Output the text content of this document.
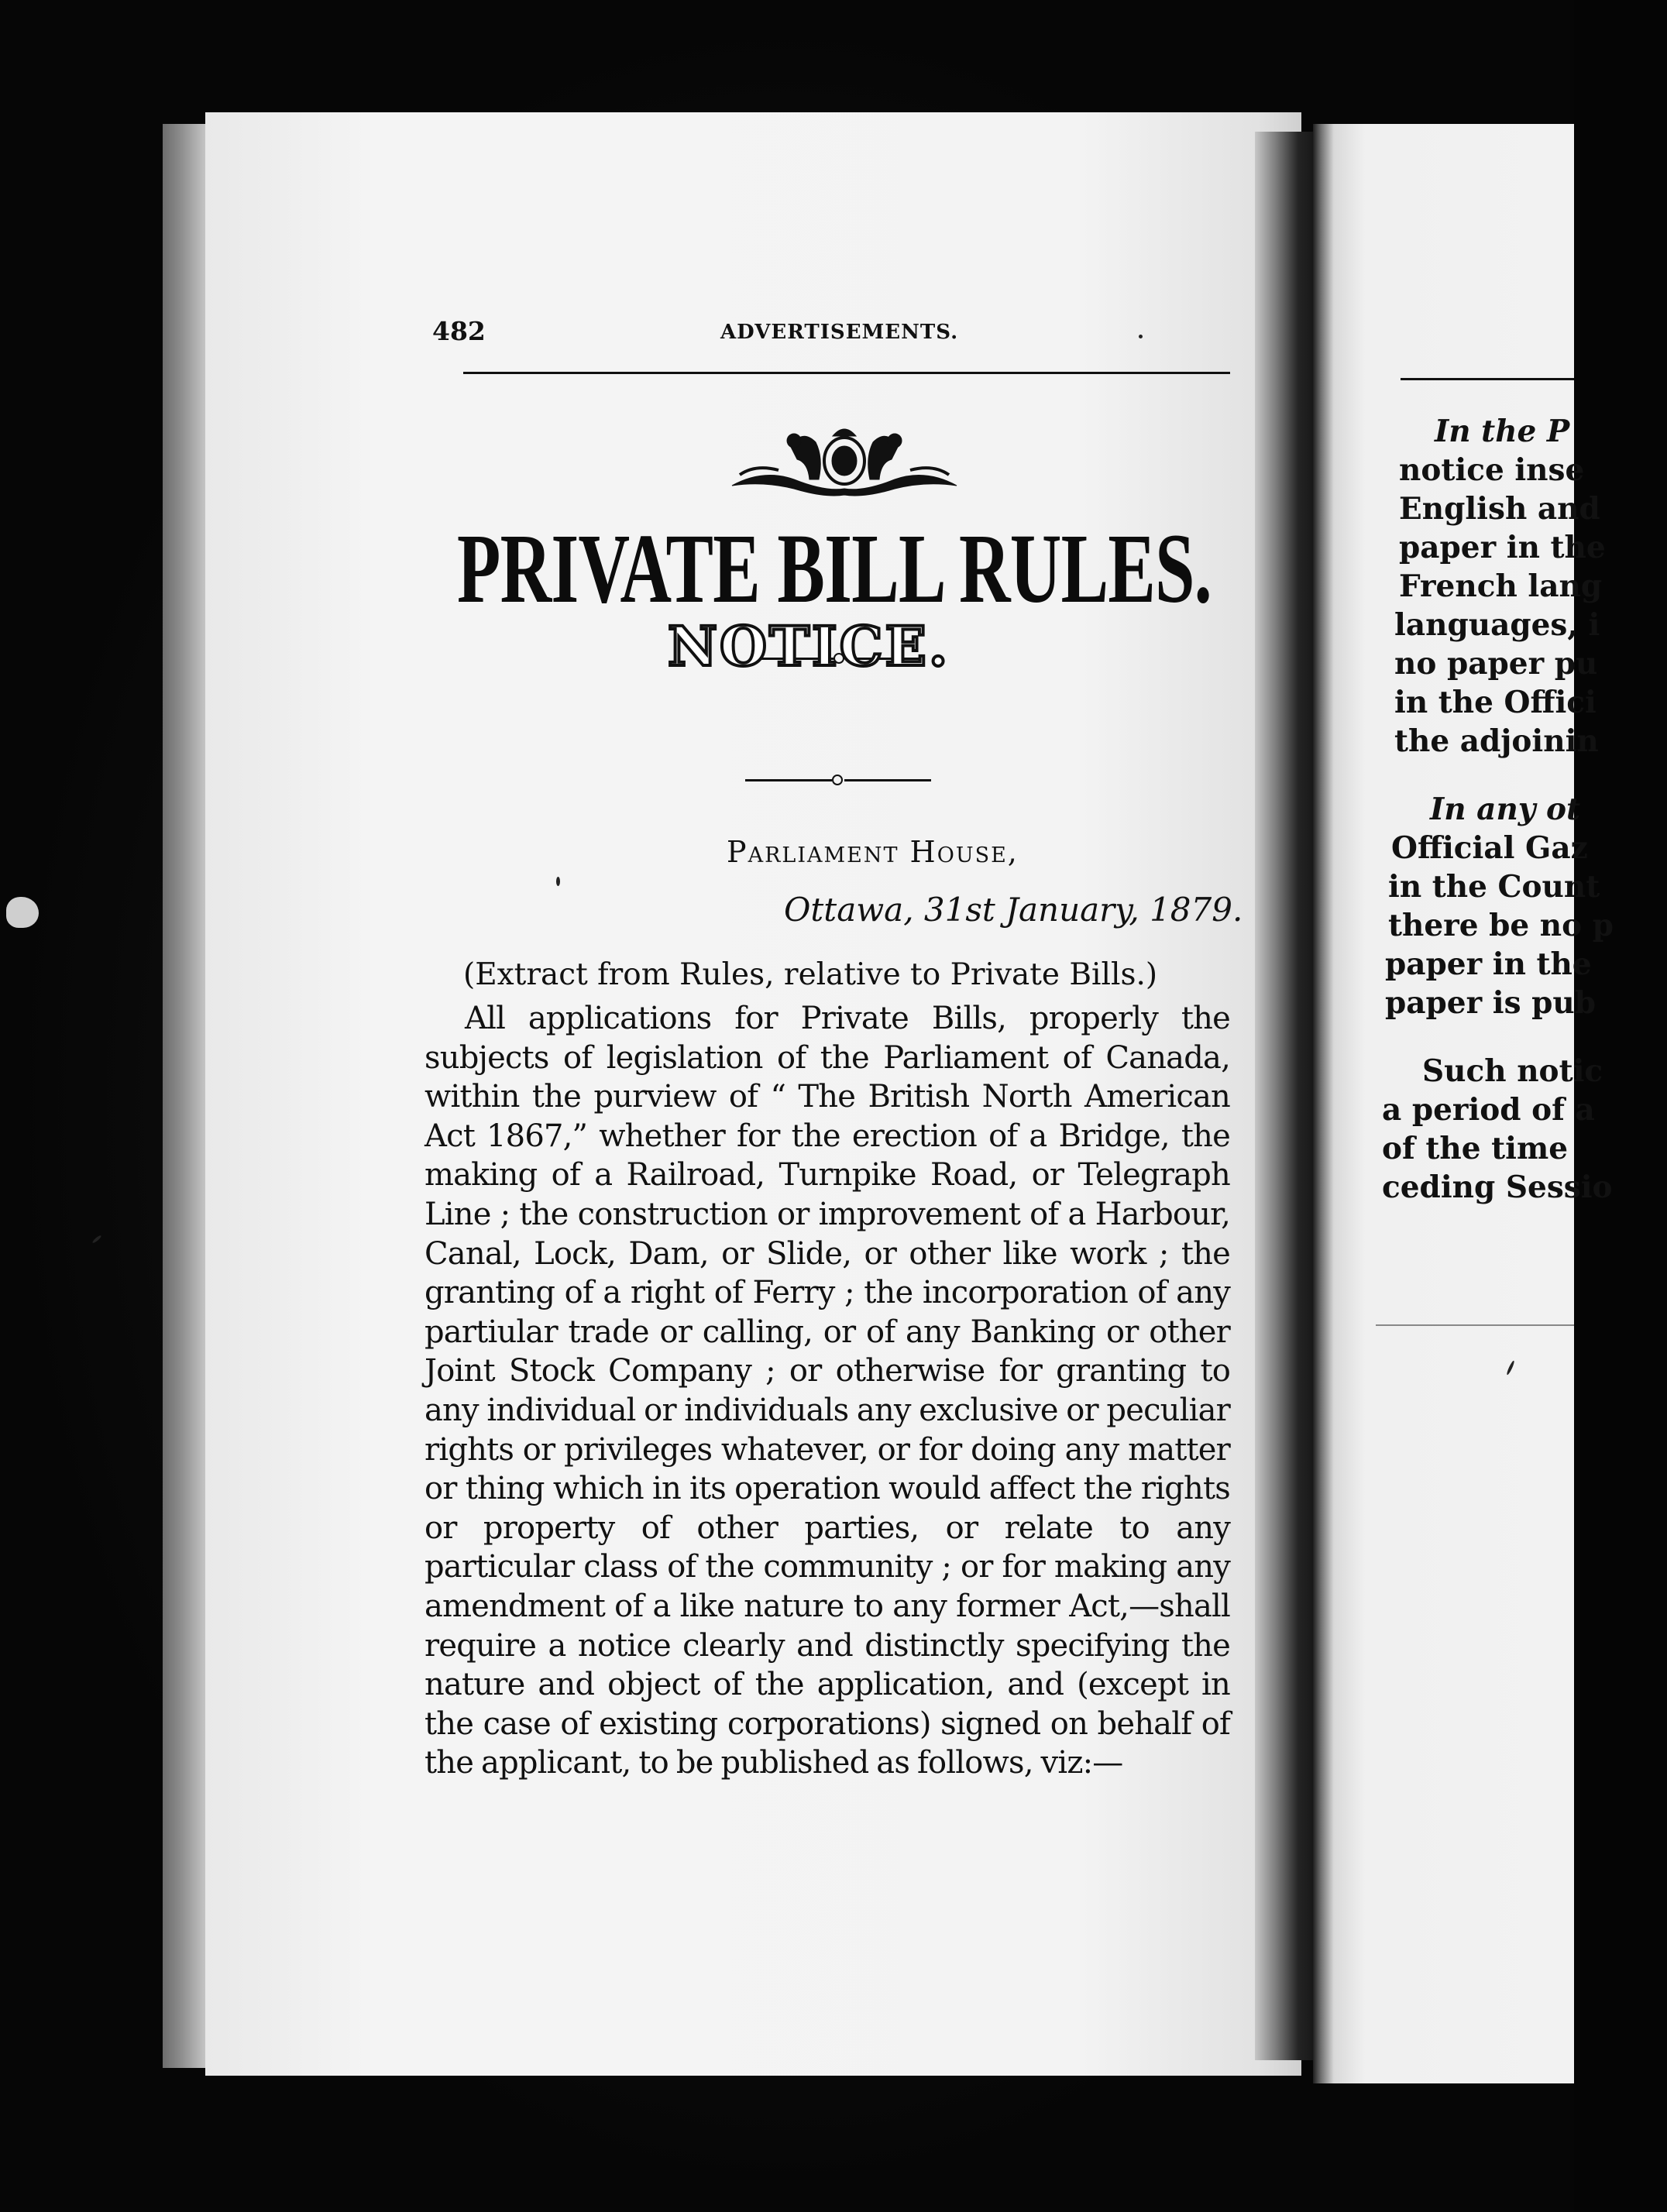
482	ADVERTISEMENTS.
PRIVATE BILL RULES.
NOTICE.
Parliament House,
Ottawa, 31st January, 1879.
(Extract from Rules, relative to Private Bills.)
All applications for Private Bills, properly the subjects of legislation of the Parliament of Canada, within the purview of “ The British North American Act 1867,” whether for the erection of a Bridge, the making of a Railroad, Turnpike Road, or Telegraph Line ; the construction or improvement of a Harbour, Canal, Lock, Dam, or Slide, or other like work ; the granting of a right of Ferry ; the incorporation of any partiular trade or calling, or of any Banking or other Joint Stock Company ; or otherwise for granting to any individual or individuals any exclusive or peculiar rights or privileges whatever, or for doing any matter or thing which in its operation would affect the rights or property of other parties, or relate to any particular class of the community ; or for making any amendment of a like nature to any former Act,—shall require a notice clearly and distinctly specifying the nature and object of the application, and (except in the case of existing corporations) signed on behalf of the applicant, to be published as follows, viz:—
In the P
notice inse
English and
paper in the
French lang
languages, i
no paper pu
in the Offici
the adjoinin
In any ot
Official Gaz
in the Count
there be no p
paper in the
paper is pub
Such notic
a period of a
of the time
ceding Sessio
